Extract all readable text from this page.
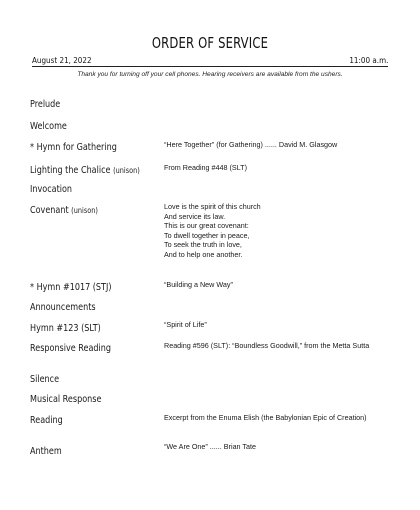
ORDER OF SERVICE
August 21, 2022	11:00 a.m.
Thank you for turning off your cell phones. Hearing receivers are available from the ushers.
Prelude
Welcome
* Hymn for Gathering	“Here Together” (for Gathering) ...... David M. Glasgow
Lighting the Chalice (unison)	From Reading #448 (SLT)
Invocation
Covenant (unison)	Love is the spirit of this church
And service its law.
This is our great covenant:
To dwell together in peace,
To seek the truth in love,
And to help one another.
* Hymn #1017 (STJ)	“Building a New Way”
Announcements
Hymn #123 (SLT)	“Spirit of Life”
Responsive Reading	Reading #596 (SLT): “Boundless Goodwill,” from the Metta Sutta
Silence
Musical Response
Reading	Excerpt from the Enuma Elish (the Babylonian Epic of Creation)
Anthem	“We Are One” ...... Brian Tate
